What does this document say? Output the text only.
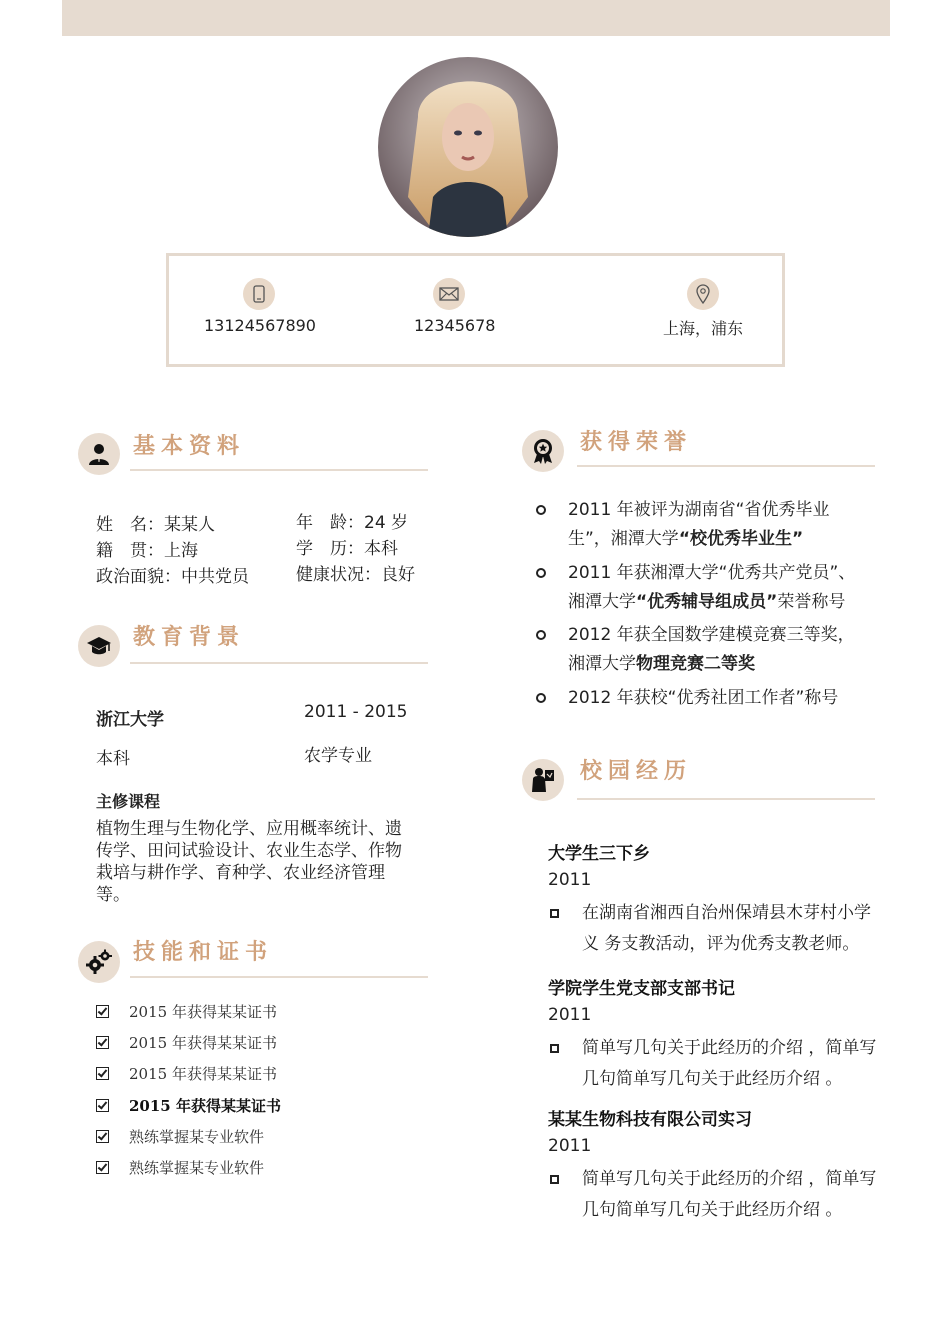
13124567890	12345678	上海，浦东
基本资料
姓　名：某某人	年　龄：24 岁
籍　贯：上海	学　历：本科
政治面貌：中共党员	健康状况：良好
教育背景
浙江大学	2011 - 2015
本科	农学专业
主修课程
植物生理与生物化学、应用概率统计、遗传学、田问试验设计、农业生态学、作物栽培与耕作学、育种学、农业经济管理等。
技能和证书
2015 年获得某某证书
2015 年获得某某证书
2015 年获得某某证书
2015 年获得某某证书
熟练掌握某专业软件
熟练掌握某专业软件
获得荣誉
2011 年被评为湖南省“省优秀毕业生”，湘潭大学“校优秀毕业生”
2011 年获湘潭大学“优秀共产党员”、湘潭大学“优秀辅导组成员”荣誉称号
2012 年获全国数学建模竞赛三等奖，湘潭大学物理竞赛二等奖
2012 年获校“优秀社团工作者”称号
校园经历
大学生三下乡
2011
在湖南省湘西自治州保靖县木芽村小学义 务支教活动，评为优秀支教老师。
学院学生党支部支部书记
2011
简单写几句关于此经历的介绍 ，简单写几句简单写几句关于此经历介绍 。
某某生物科技有限公司实习
2011
简单写几句关于此经历的介绍 ，简单写几句简单写几句关于此经历介绍 。
